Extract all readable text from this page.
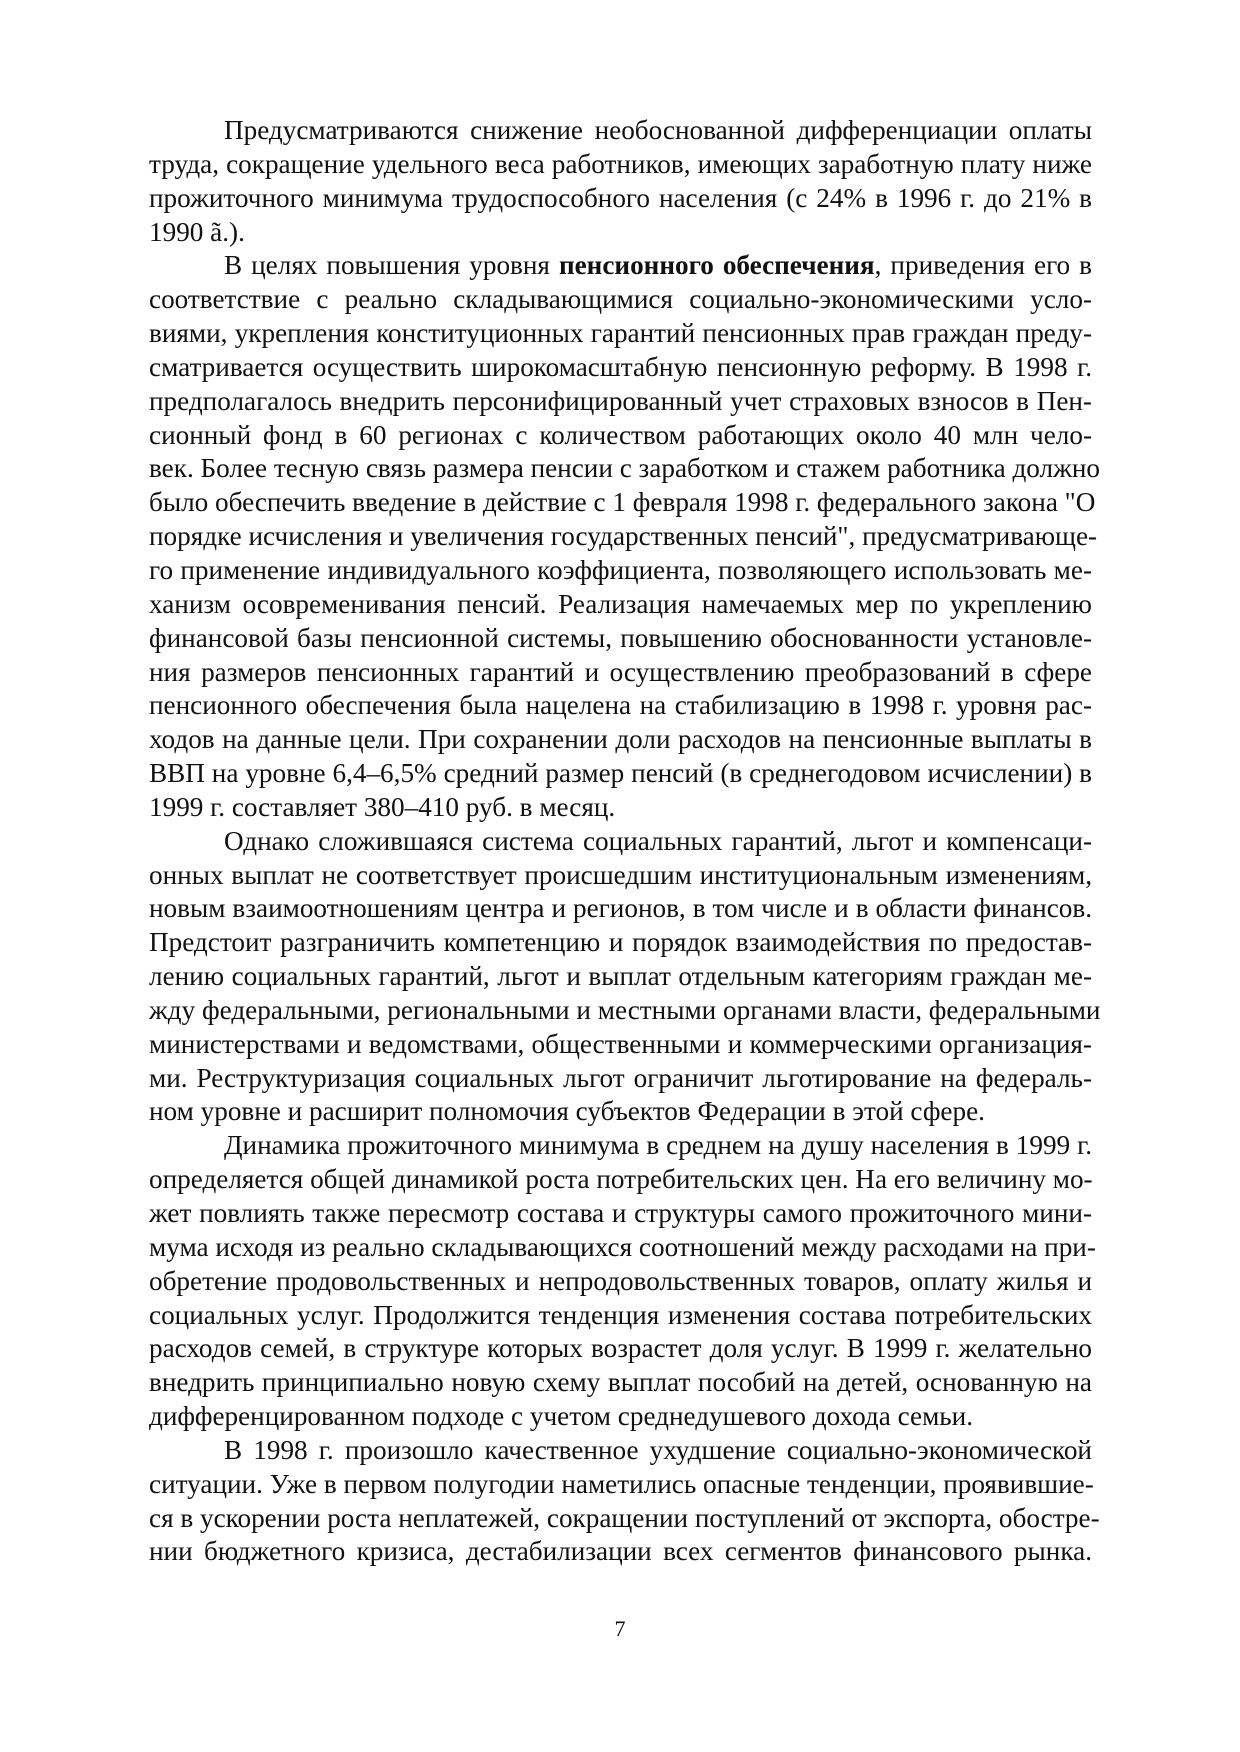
Предусматриваются снижение необоснованной дифференциации оплаты
труда, сокращение удельного веса работников, имеющих заработную плату ниже
прожиточного минимума трудоспособного населения (с 24% в 1996 г. до 21% в
1990 ã.).
В целях повышения уровня пенсионного обеспечения, приведения его в
соответствие с реально складывающимися социально-экономическими усло-
виями, укрепления конституционных гарантий пенсионных прав граждан преду-
сматривается осуществить широкомасштабную пенсионную реформу. В 1998 г.
предполагалось внедрить персонифицированный учет страховых взносов в Пен-
сионный фонд в 60 регионах с количеством работающих около 40 млн чело-
век. Более тесную связь размера пенсии с заработком и стажем работника должно
было обеспечить введение в действие с 1 февраля 1998 г. федерального закона "О
порядке исчисления и увеличения государственных пенсий", предусматривающе-
го применение индивидуального коэффициента, позволяющего использовать ме-
ханизм осовременивания пенсий. Реализация намечаемых мер по укреплению
финансовой базы пенсионной системы, повышению обоснованности установле-
ния размеров пенсионных гарантий и осуществлению преобразований в сфере
пенсионного обеспечения была нацелена на стабилизацию в 1998 г. уровня рас-
ходов на данные цели. При сохранении доли расходов на пенсионные выплаты в
ВВП на уровне 6,4–6,5% средний размер пенсий (в среднегодовом исчислении) в
1999 г. составляет 380–410 руб. в месяц.
Однако сложившаяся система социальных гарантий, льгот и компенсаци-
онных выплат не соответствует происшедшим институциональным изменениям,
новым взаимоотношениям центра и регионов, в том числе и в области финансов.
Предстоит разграничить компетенцию и порядок взаимодействия по предостав-
лению социальных гарантий, льгот и выплат отдельным категориям граждан ме-
жду федеральными, региональными и местными органами власти, федеральными
министерствами и ведомствами, общественными и коммерческими организация-
ми. Реструктуризация социальных льгот ограничит льготирование на федераль-
ном уровне и расширит полномочия субъектов Федерации в этой сфере.
Динамика прожиточного минимума в среднем на душу населения в 1999 г.
определяется общей динамикой роста потребительских цен. На его величину мо-
жет повлиять также пересмотр состава и структуры самого прожиточного мини-
мума исходя из реально складывающихся соотношений между расходами на при-
обретение продовольственных и непродовольственных товаров, оплату жилья и
социальных услуг. Продолжится тенденция изменения состава потребительских
расходов семей, в структуре которых возрастет доля услуг. В 1999 г. желательно
внедрить принципиально новую схему выплат пособий на детей, основанную на
дифференцированном подходе с учетом среднедушевого дохода семьи.
В 1998 г. произошло качественное ухудшение социально-экономической
ситуации. Уже в первом полугодии наметились опасные тенденции, проявившие-
ся в ускорении роста неплатежей, сокращении поступлений от экспорта, обостре-
нии бюджетного кризиса, дестабилизации всех сегментов финансового рынка.
7
